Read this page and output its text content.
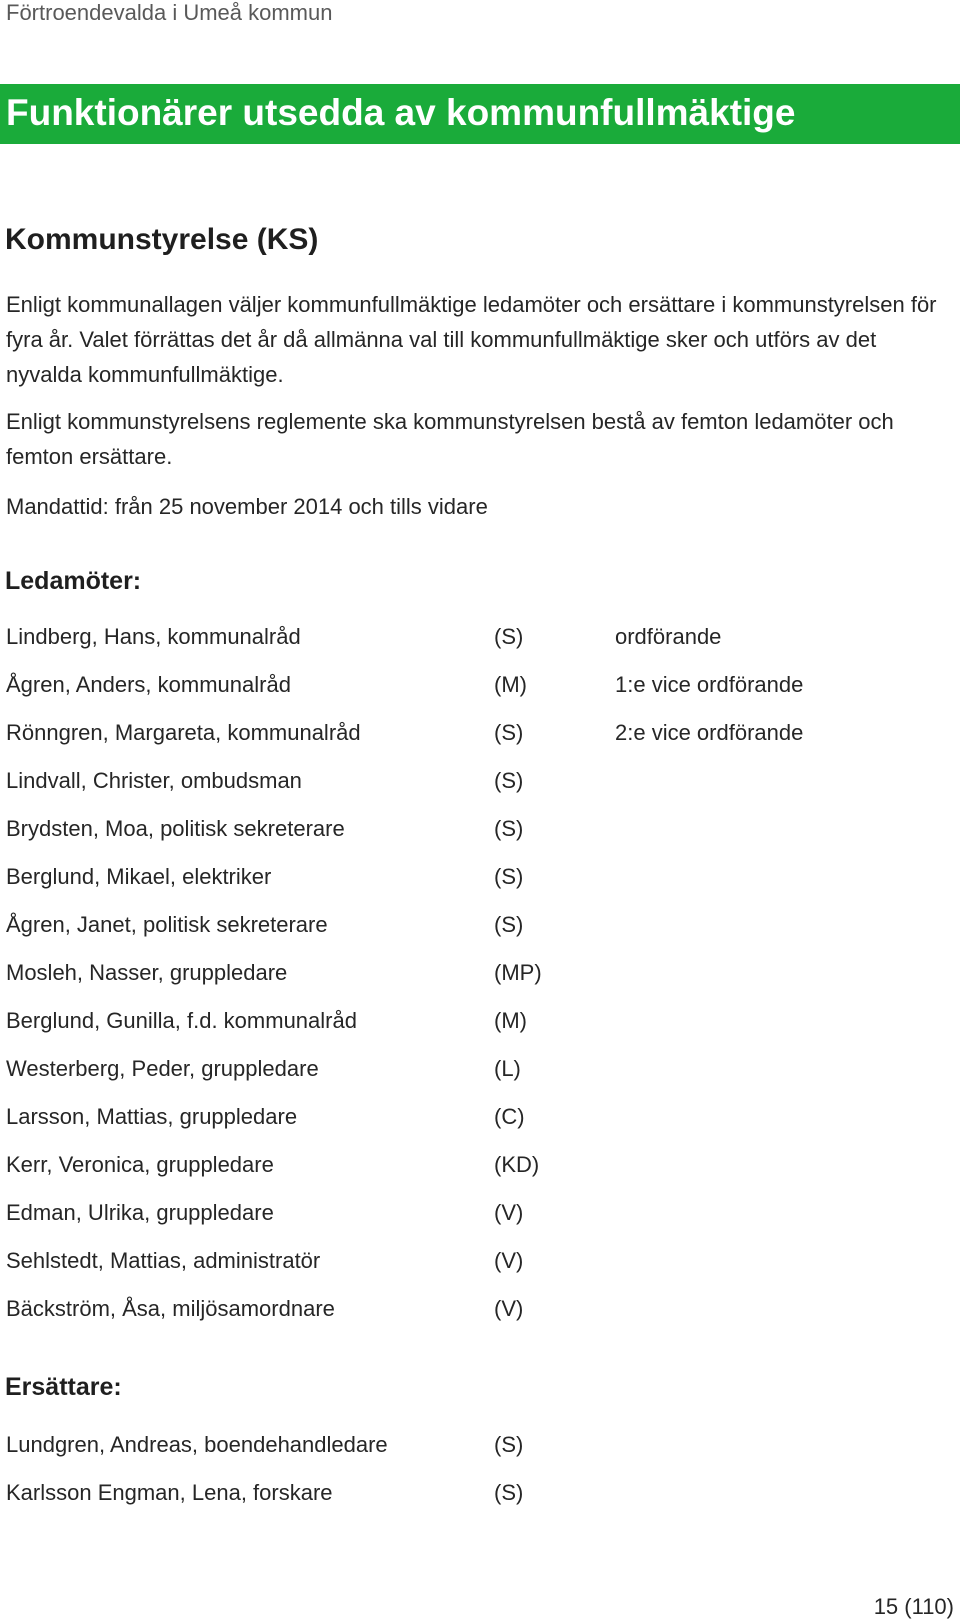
Förtroendevalda i Umeå kommun
Funktionärer utsedda av kommunfullmäktige
Kommunstyrelse (KS)
Enligt kommunallagen väljer kommunfullmäktige ledamöter och ersättare i kommunstyrelsen för fyra år. Valet förrättas det år då allmänna val till kommunfullmäktige sker och utförs av det nyvalda kommunfullmäktige.
Enligt kommunstyrelsens reglemente ska kommunstyrelsen bestå av femton ledamöter och femton ersättare.
Mandattid: från 25 november 2014 och tills vidare
Ledamöter:
Lindberg, Hans, kommunalråd	(S)	ordförande
Ågren, Anders, kommunalråd	(M)	1:e vice ordförande
Rönngren, Margareta, kommunalråd	(S)	2:e vice ordförande
Lindvall, Christer, ombudsman	(S)
Brydsten, Moa, politisk sekreterare	(S)
Berglund, Mikael, elektriker	(S)
Ågren, Janet, politisk sekreterare	(S)
Mosleh, Nasser, gruppledare	(MP)
Berglund, Gunilla, f.d. kommunalråd	(M)
Westerberg, Peder, gruppledare	(L)
Larsson, Mattias, gruppledare	(C)
Kerr, Veronica, gruppledare	(KD)
Edman, Ulrika, gruppledare	(V)
Sehlstedt, Mattias, administratör	(V)
Bäckström, Åsa, miljösamordnare	(V)
Ersättare:
Lundgren, Andreas, boendehandledare	(S)
Karlsson Engman, Lena, forskare	(S)
15 (110)
